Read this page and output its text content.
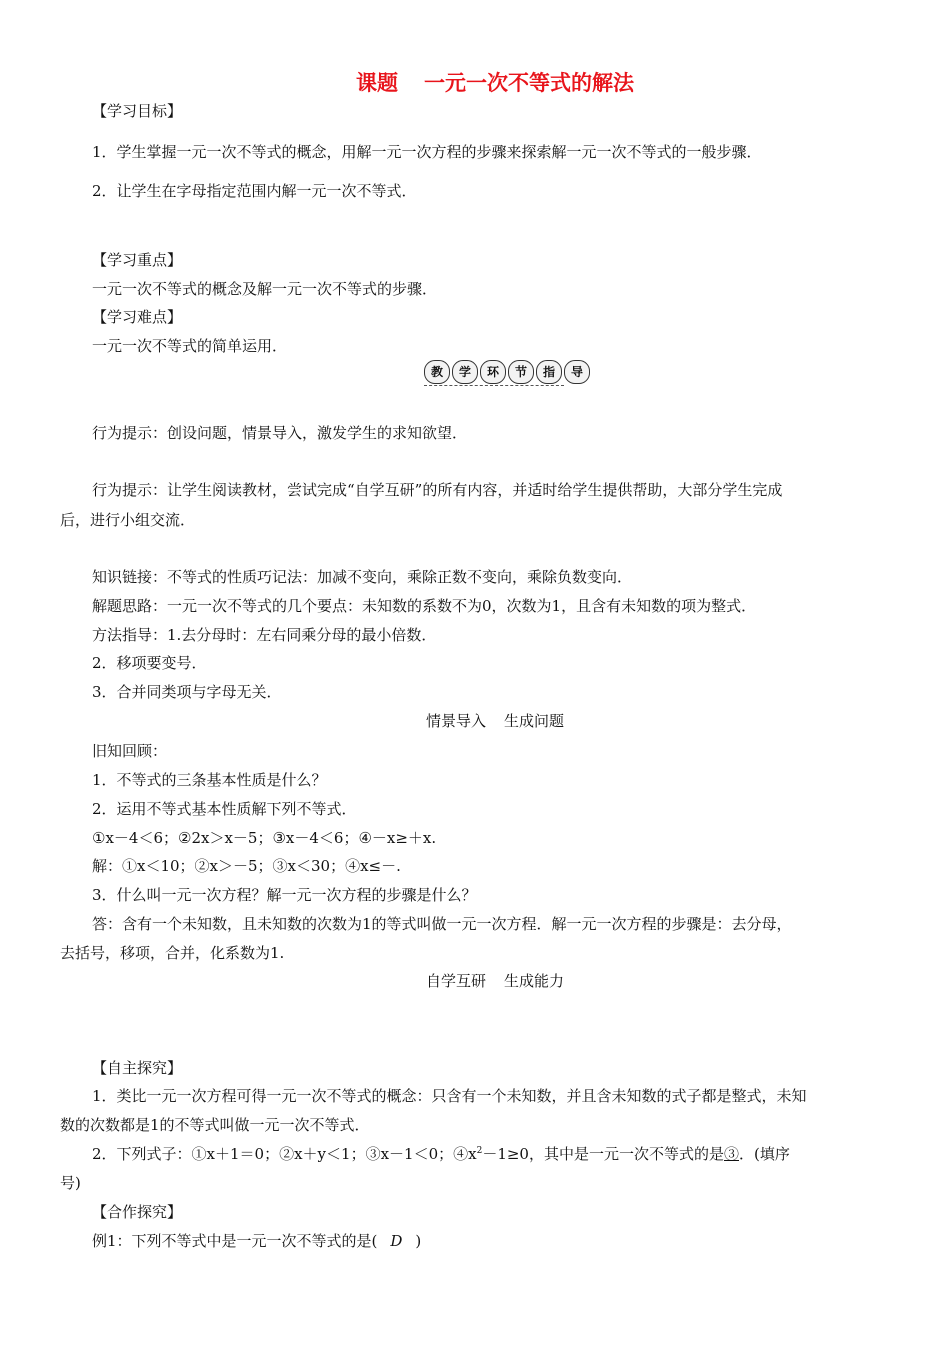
课题 一元一次不等式的解法
【学习目标】
1．学生掌握一元一次不等式的概念，用解一元一次方程的步骤来探索解一元一次不等式的一般步骤．
2．让学生在字母指定范围内解一元一次不等式．
【学习重点】
一元一次不等式的概念及解一元一次不等式的步骤．
【学习难点】
一元一次不等式的简单运用．
教	学	环	节	指	导
行为提示：创设问题，情景导入，激发学生的求知欲望．
行为提示：让学生阅读教材，尝试完成“自学互研”的所有内容，并适时给学生提供帮助，大部分学生完成
后，进行小组交流．
知识链接：不等式的性质巧记法：加减不变向，乘除正数不变向，乘除负数变向．
解题思路：一元一次不等式的几个要点：未知数的系数不为0，次数为1，且含有未知数的项为整式．
方法指导：1.去分母时：左右同乘分母的最小倍数．
2．移项要变号．
3．合并同类项与字母无关．
情景导入 生成问题
旧知回顾：
1．不等式的三条基本性质是什么？
2．运用不等式基本性质解下列不等式．
①x－4＜6；②2x＞x－5；③x－4＜6；④－x≥＋x.
解：①x＜10；②x＞－5；③x＜30；④x≤－.
3．什么叫一元一次方程？解一元一次方程的步骤是什么？
答：含有一个未知数，且未知数的次数为1的等式叫做一元一次方程．解一元一次方程的步骤是：去分母，
去括号，移项，合并，化系数为1.
自学互研 生成能力
【自主探究】
1．类比一元一次方程可得一元一次不等式的概念：只含有一个未知数，并且含未知数的式子都是整式，未知
数的次数都是1的不等式叫做一元一次不等式．
2．下列式子：①x＋1＝0；②x＋y＜1；③x－1＜0；$④x^2-1\ge 0$，其中是一元一次不等式的是③．(填序
号)
【合作探究】
例1：下列不等式中是一元一次不等式的是( D )
